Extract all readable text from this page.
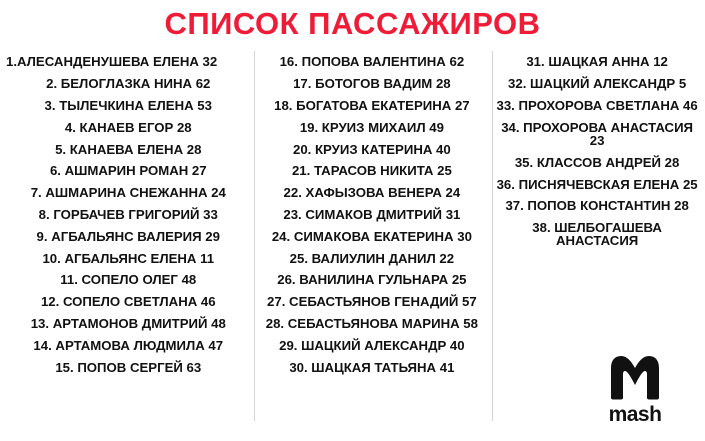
СПИСОК ПАССАЖИРОВ
1.АЛЕСАНДЕНУШЕВА ЕЛЕНА 32
2. БЕЛОГЛАЗКА НИНА 62
3. ТЫЛЕЧКИНА ЕЛЕНА 53
4. КАНАЕВ ЕГОР 28
5. КАНАЕВА ЕЛЕНА 28
6. АШМАРИН РОМАН 27
7. АШМАРИНА СНЕЖАННА 24
8. ГОРБАЧЕВ ГРИГОРИЙ 33
9. АГБАЛЬЯНС ВАЛЕРИЯ 29
10. АГБАЛЬЯНС ЕЛЕНА 11
11. СОПЕЛО ОЛЕГ 48
12. СОПЕЛО СВЕТЛАНА 46
13. АРТАМОНОВ ДМИТРИЙ 48
14. АРТАМОВА ЛЮДМИЛА 47
15. ПОПОВ СЕРГЕЙ 63
16. ПОПОВА ВАЛЕНТИНА 62
17. БОТОГОВ ВАДИМ 28
18. БОГАТОВА ЕКАТЕРИНА 27
19. КРУИЗ МИХАИЛ 49
20. КРУИЗ КАТЕРИНА 40
21. ТАРАСОВ НИКИТА 25
22. ХАФЫЗОВА ВЕНЕРА 24
23. СИМАКОВ ДМИТРИЙ 31
24. СИМАКОВА ЕКАТЕРИНА 30
25. ВАЛИУЛИН ДАНИЛ 22
26. ВАНИЛИНА ГУЛЬНАРА 25
27. СЕБАСТЬЯНОВ ГЕНАДИЙ 57
28. СЕБАСТЬЯНОВА МАРИНА 58
29. ШАЦКИЙ АЛЕКСАНДР 40
30. ШАЦКАЯ ТАТЬЯНА 41
31. ШАЦКАЯ АННА 12
32. ШАЦКИЙ АЛЕКСАНДР 5
33. ПРОХОРОВА СВЕТЛАНА 46
34. ПРОХОРОВА АНАСТАСИЯ 23
35. КЛАССОВ АНДРЕЙ 28
36. ПИСНЯЧЕВСКАЯ ЕЛЕНА 25
37. ПОПОВ КОНСТАНТИН 28
38. ШЕЛБОГАШЕВА АНАСТАСИЯ
mash
